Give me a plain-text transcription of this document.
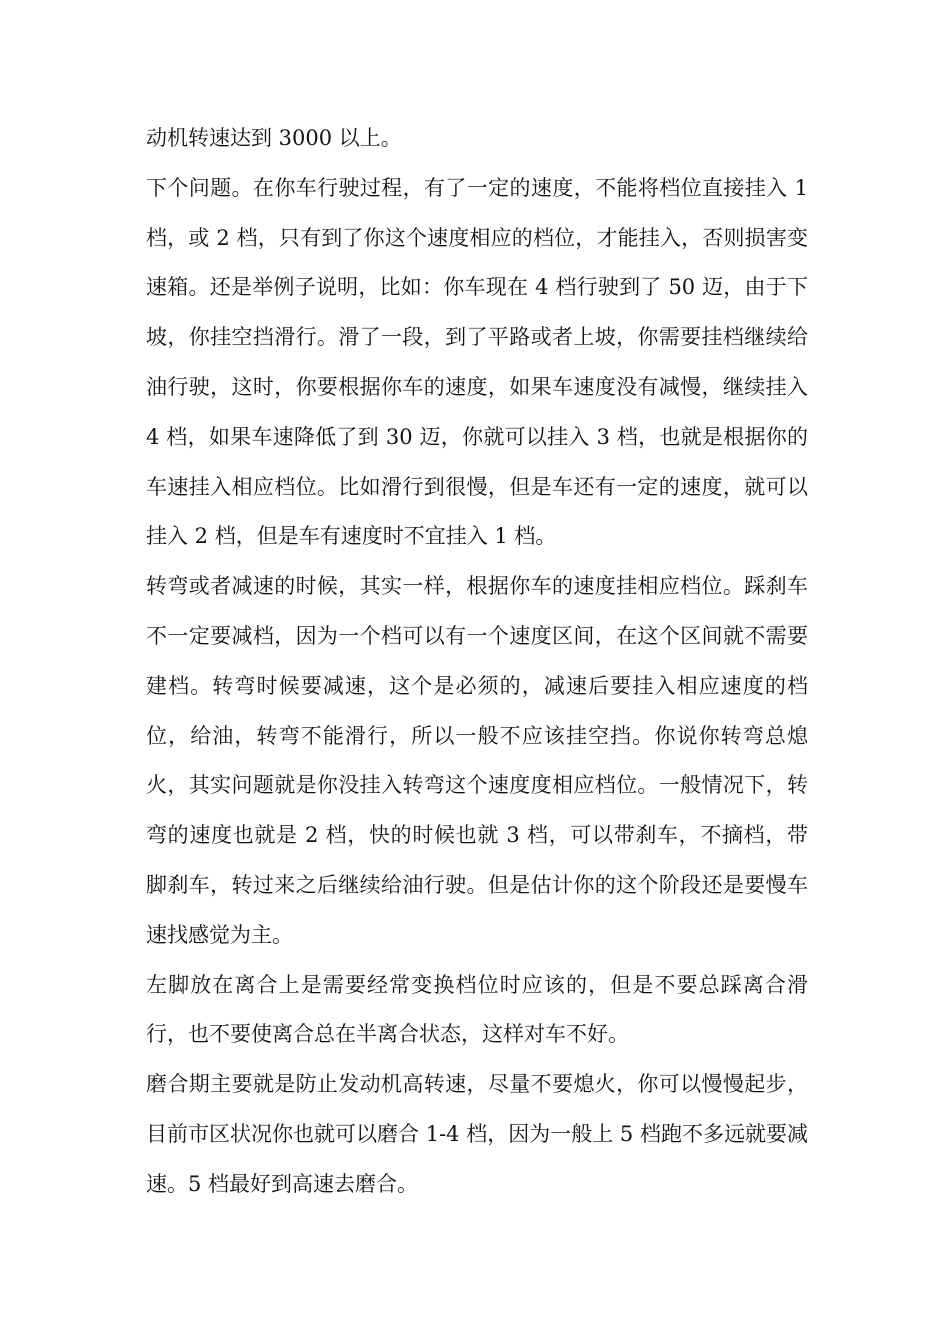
动机转速达到 3000 以上。

下个问题。在你车行驶过程，有了一定的速度，不能将档位直接挂入 1 档，或 2 档，只有到了你这个速度相应的档位，才能挂入，否则损害变速箱。还是举例子说明，比如：你车现在 4 档行驶到了 50 迈，由于下坡，你挂空挡滑行。滑了一段，到了平路或者上坡，你需要挂档继续给油行驶，这时，你要根据你车的速度，如果车速度没有减慢，继续挂入 4 档，如果车速降低了到 30 迈，你就可以挂入 3 档，也就是根据你的车速挂入相应档位。比如滑行到很慢，但是车还有一定的速度，就可以挂入 2 档，但是车有速度时不宜挂入 1 档。

转弯或者减速的时候，其实一样，根据你车的速度挂相应档位。踩刹车不一定要减档，因为一个档可以有一个速度区间，在这个区间就不需要建档。转弯时候要减速，这个是必须的，减速后要挂入相应速度的档位，给油，转弯不能滑行，所以一般不应该挂空挡。你说你转弯总熄火，其实问题就是你没挂入转弯这个速度度相应档位。一般情况下，转弯的速度也就是 2 档，快的时候也就 3 档，可以带刹车，不摘档，带脚刹车，转过来之后继续给油行驶。但是估计你的这个阶段还是要慢车速找感觉为主。

左脚放在离合上是需要经常变换档位时应该的，但是不要总踩离合滑行，也不要使离合总在半离合状态，这样对车不好。

磨合期主要就是防止发动机高转速，尽量不要熄火，你可以慢慢起步，目前市区状况你也就可以磨合 1-4 档，因为一般上 5 档跑不多远就要减速。5 档最好到高速去磨合。
